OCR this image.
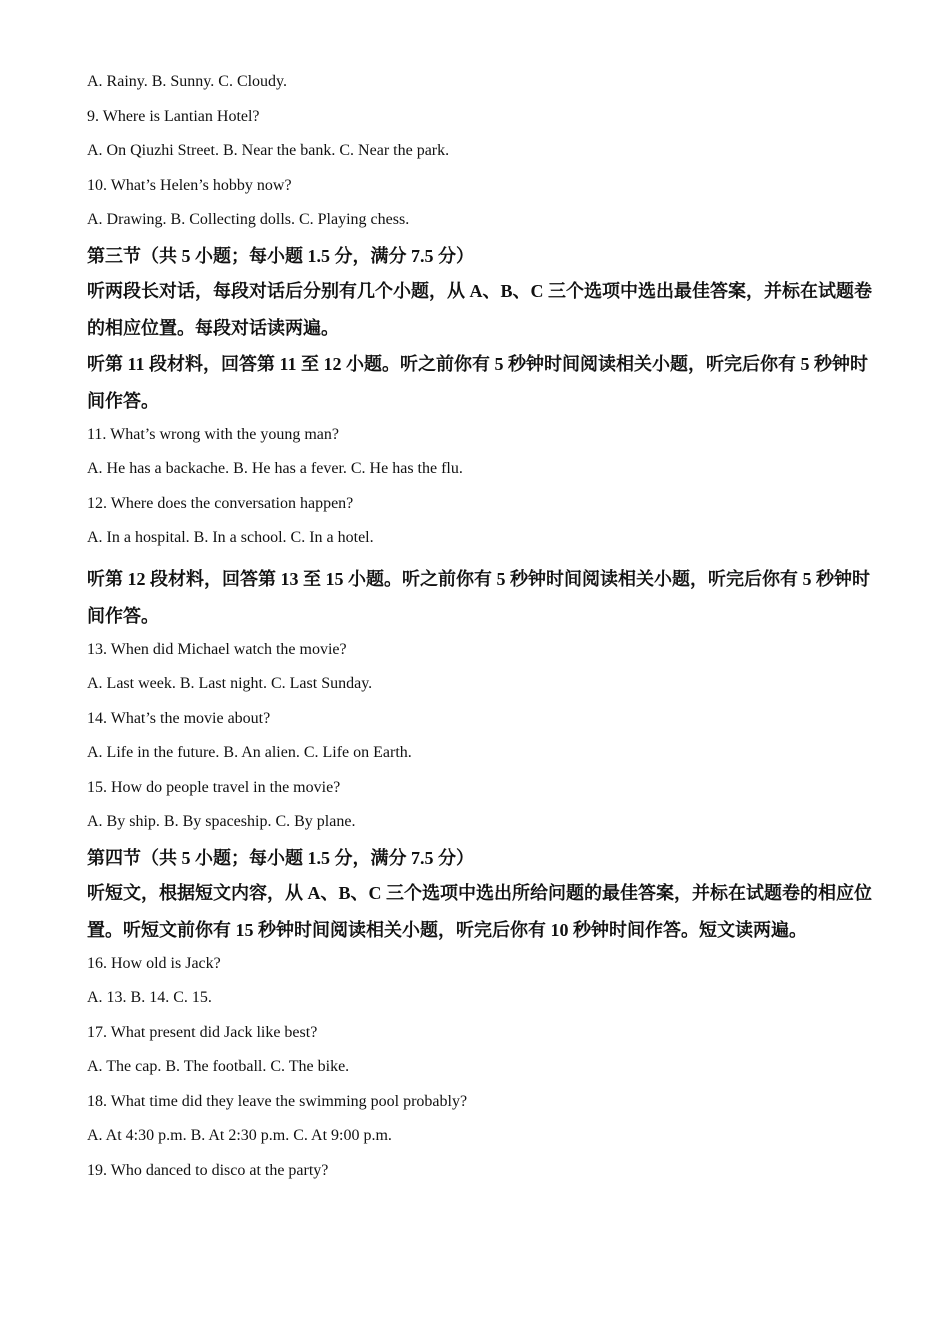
A. Rainy. B. Sunny. C. Cloudy.
9. Where is Lantian Hotel?
A. On Qiuzhi Street. B. Near the bank. C. Near the park.
10. What’s Helen’s hobby now?
A. Drawing. B. Collecting dolls. C. Playing chess.
第三节（共 5 小题；每小题 1.5 分，满分 7.5 分）
听两段长对话，每段对话后分别有几个小题，从 A、B、C 三个选项中选出最佳答案，并标在试题卷的相应位置。每段对话读两遍。
听第 11 段材料，回答第 11 至 12 小题。听之前你有 5 秒钟时间阅读相关小题，听完后你有 5 秒钟时间作答。
11. What’s wrong with the young man?
A. He has a backache. B. He has a fever. C. He has the flu.
12. Where does the conversation happen?
A. In a hospital. B. In a school. C. In a hotel.
听第 12 段材料，回答第 13 至 15 小题。听之前你有 5 秒钟时间阅读相关小题，听完后你有 5 秒钟时间作答。
13. When did Michael watch the movie?
A. Last week. B. Last night. C. Last Sunday.
14. What’s the movie about?
A. Life in the future. B. An alien. C. Life on Earth.
15. How do people travel in the movie?
A. By ship. B. By spaceship. C. By plane.
第四节（共 5 小题；每小题 1.5 分，满分 7.5 分）
听短文，根据短文内容，从 A、B、C 三个选项中选出所给问题的最佳答案，并标在试题卷的相应位置。听短文前你有 15 秒钟时间阅读相关小题，听完后你有 10 秒钟时间作答。短文读两遍。
16. How old is Jack?
A. 13. B. 14. C. 15.
17. What present did Jack like best?
A. The cap. B. The football. C. The bike.
18. What time did they leave the swimming pool probably?
A. At 4:30 p.m. B. At 2:30 p.m. C. At 9:00 p.m.
19. Who danced to disco at the party?
